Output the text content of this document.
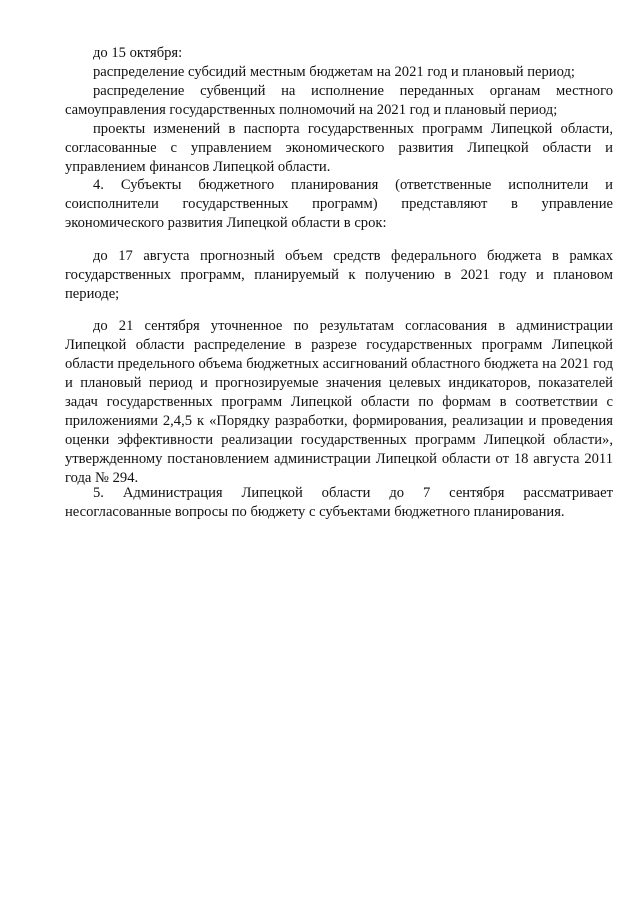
до 15 октября:

распределение субсидий местным бюджетам на 2021 год и плановый период;

распределение субвенций на исполнение переданных органам местного самоуправления государственных полномочий на 2021 год и плановый период;

проекты изменений в паспорта государственных программ Липецкой области, согласованные с управлением экономического развития Липецкой области и управлением финансов Липецкой области.

4. Субъекты бюджетного планирования (ответственные исполнители и соисполнители государственных программ) представляют в управление экономического развития Липецкой области в срок:

до 17 августа прогнозный объем средств федерального бюджета в рамках государственных программ, планируемый к получению в 2021 году и плановом периоде;

до 21 сентября уточненное по результатам согласования в администрации Липецкой области распределение в разрезе государственных программ Липецкой области предельного объема бюджетных ассигнований областного бюджета на 2021 год и плановый период и прогнозируемые значения целевых индикаторов, показателей задач государственных программ Липецкой области по формам в соответствии с приложениями 2,4,5 к «Порядку разработки, формирования, реализации и проведения оценки эффективности реализации государственных программ Липецкой области», утвержденному постановлением администрации Липецкой области от 18 августа 2011 года № 294.

5. Администрация Липецкой области до 7 сентября рассматривает несогласованные вопросы по бюджету с субъектами бюджетного планирования.
